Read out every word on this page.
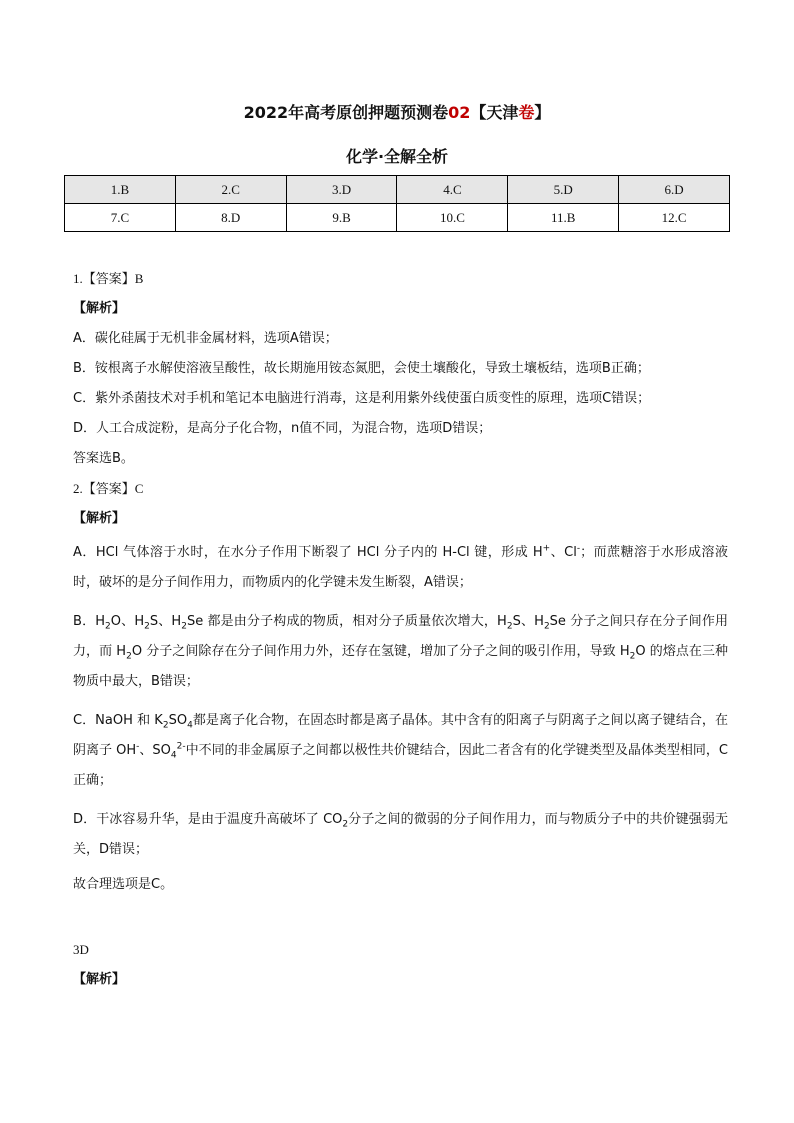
2022年高考原创押题预测卷02【天津卷】
化学·全解全析
1.B	2.C	3.D	4.C	5.D	6.D
7.C	8.D	9.B	10.C	11.B	12.C
1.【答案】B
【解析】
A．碳化硅属于无机非金属材料，选项A错误；
B．铵根离子水解使溶液呈酸性，故长期施用铵态氮肥，会使土壤酸化，导致土壤板结，选项B正确；
C．紫外杀菌技术对手机和笔记本电脑进行消毒，这是利用紫外线使蛋白质变性的原理，选项C错误；
D．人工合成淀粉，是高分子化合物，n值不同，为混合物，选项D错误；
答案选B。
2.【答案】C
【解析】
A．HCl 气体溶于水时，在水分子作用下断裂了 HCl 分子内的 H-Cl 键，形成 H+、Cl-；而蔗糖溶于水形成溶液时，破坏的是分子间作用力，而物质内的化学键未发生断裂，A错误；
B．$H_2O$、$H_2S$、$H_2Se$ 都是由分子构成的物质，相对分子质量依次增大，$H_2S$、$H_2Se$ 分子之间只存在分子间作用力，而 $H_2O$ 分子之间除存在分子间作用力外，还存在氢键，增加了分子之间的吸引作用，导致 $H_2O$ 的熔点在三种物质中最大，B错误；
C．NaOH 和 $K_2SO_4$都是离子化合物，在固态时都是离子晶体。其中含有的阳离子与阴离子之间以离子键结合，在阴离子 OH-、$SO_4^{2-}$中不同的非金属原子之间都以极性共价键结合，因此二者含有的化学键类型及晶体类型相同，C正确；
D．干冰容易升华，是由于温度升高破坏了 $CO_2$分子之间的微弱的分子间作用力，而与物质分子中的共价键强弱无关，D错误；
故合理选项是C。
3D
【解析】
